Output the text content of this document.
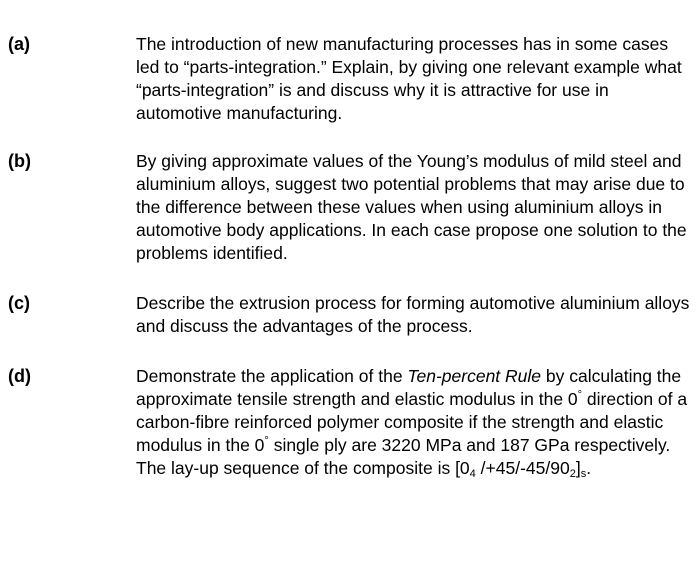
(a)	The introduction of new manufacturing processes has in some cases led to “parts-integration.” Explain, by giving one relevant example what “parts-integration” is and discuss why it is attractive for use in automotive manufacturing.
(b)	By giving approximate values of the Young’s modulus of mild steel and aluminium alloys, suggest two potential problems that may arise due to the difference between these values when using aluminium alloys in automotive body applications. In each case propose one solution to the problems identified.
(c)	Describe the extrusion process for forming automotive aluminium alloys and discuss the advantages of the process.
(d)	Demonstrate the application of the Ten-percent Rule by calculating the approximate tensile strength and elastic modulus in the 0° direction of a carbon-fibre reinforced polymer composite if the strength and elastic modulus in the 0° single ply are 3220 MPa and 187 GPa respectively. The lay-up sequence of the composite is [$0_4$ $/+45/-45/90_2]_s$.
